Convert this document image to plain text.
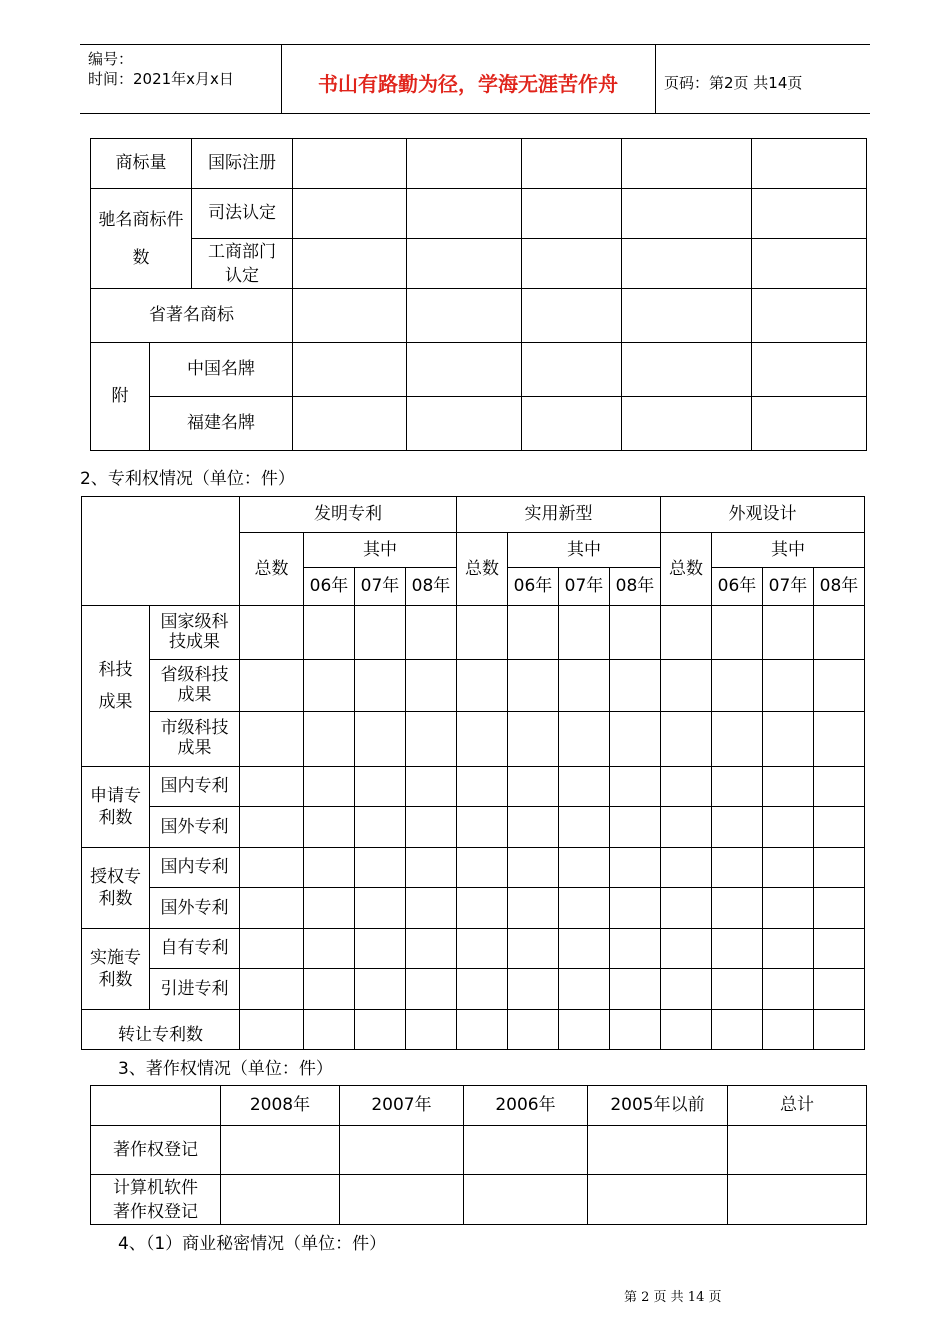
编号：
时间：2021年x月x日	书山有路勤为径，学海无涯苦作舟	页码：第2页 共14页
商标量		国际注册					

驰名商标件数		司法认定					

		工商部门认定					

省著名商标							
附	中国名牌						
	福建名牌						
2、专利权情况（单位：件）
		发明专利				实用新型				外观设计			
		总数	其中			总数	其中			总数	其中		
			06年	07年	08年		06年	07年	08年		06年	07年	08年

科技成果	国家级科技成果												

	省级科技成果												

	市级科技成果												

申请专利数	国内专利												
	国外专利												

授权专利数	国内专利												
	国外专利												

实施专利数	自有专利												
	引进专利												
转让专利数													
3、著作权情况（单位：件）
	2008年	2007年	2006年	2005年以前	总计
著作权登记					

计算机软件著作权登记					

4、（1）商业秘密情况（单位：件）
第 2 页 共 14 页
